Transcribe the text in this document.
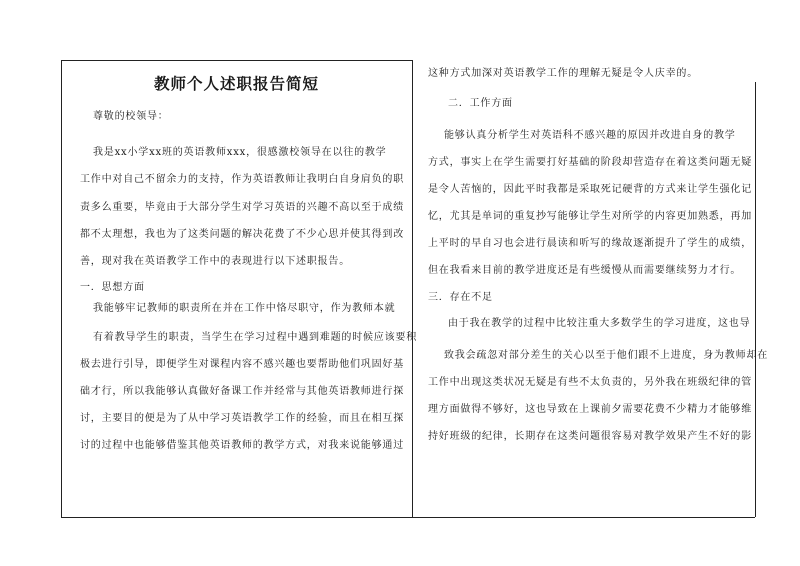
教师个人述职报告简短
尊敬的校领导：
我是xx小学xx班的英语教师xxx，很感激校领导在以往的教学
工作中对自己不留余力的支持，作为英语教师让我明白自身肩负的职
责多么重要，毕竟由于大部分学生对学习英语的兴趣不高以至于成绩
都不太理想，我也为了这类问题的解决花费了不少心思并使其得到改
善，现对我在英语教学工作中的表现进行以下述职报告。
一．思想方面
我能够牢记教师的职责所在并在工作中恪尽职守，作为教师本就
有着教导学生的职责，当学生在学习过程中遇到难题的时候应该要积
极去进行引导，即便学生对课程内容不感兴趣也要帮助他们巩固好基
础才行，所以我能够认真做好备课工作并经常与其他英语教师进行探
讨，主要目的便是为了从中学习英语教学工作的经验，而且在相互探
讨的过程中也能够借鉴其他英语教师的教学方式，对我来说能够通过
这种方式加深对英语教学工作的理解无疑是令人庆幸的。
二．工作方面
能够认真分析学生对英语科不感兴趣的原因并改进自身的教学
方式，事实上在学生需要打好基础的阶段却营造存在着这类问题无疑
是令人苦恼的，因此平时我都是采取死记硬背的方式来让学生强化记
忆，尤其是单词的重复抄写能够让学生对所学的内容更加熟悉，再加
上平时的早自习也会进行晨读和听写的缘故逐渐提升了学生的成绩，
但在我看来目前的教学进度还是有些缓慢从而需要继续努力才行。
三．存在不足
由于我在教学的过程中比较注重大多数学生的学习进度，这也导
致我会疏忽对部分差生的关心以至于他们跟不上进度，身为教师却在
工作中出现这类状况无疑是有些不太负责的，另外我在班级纪律的管
理方面做得不够好，这也导致在上课前夕需要花费不少精力才能够维
持好班级的纪律，长期存在这类问题很容易对教学效果产生不好的影
